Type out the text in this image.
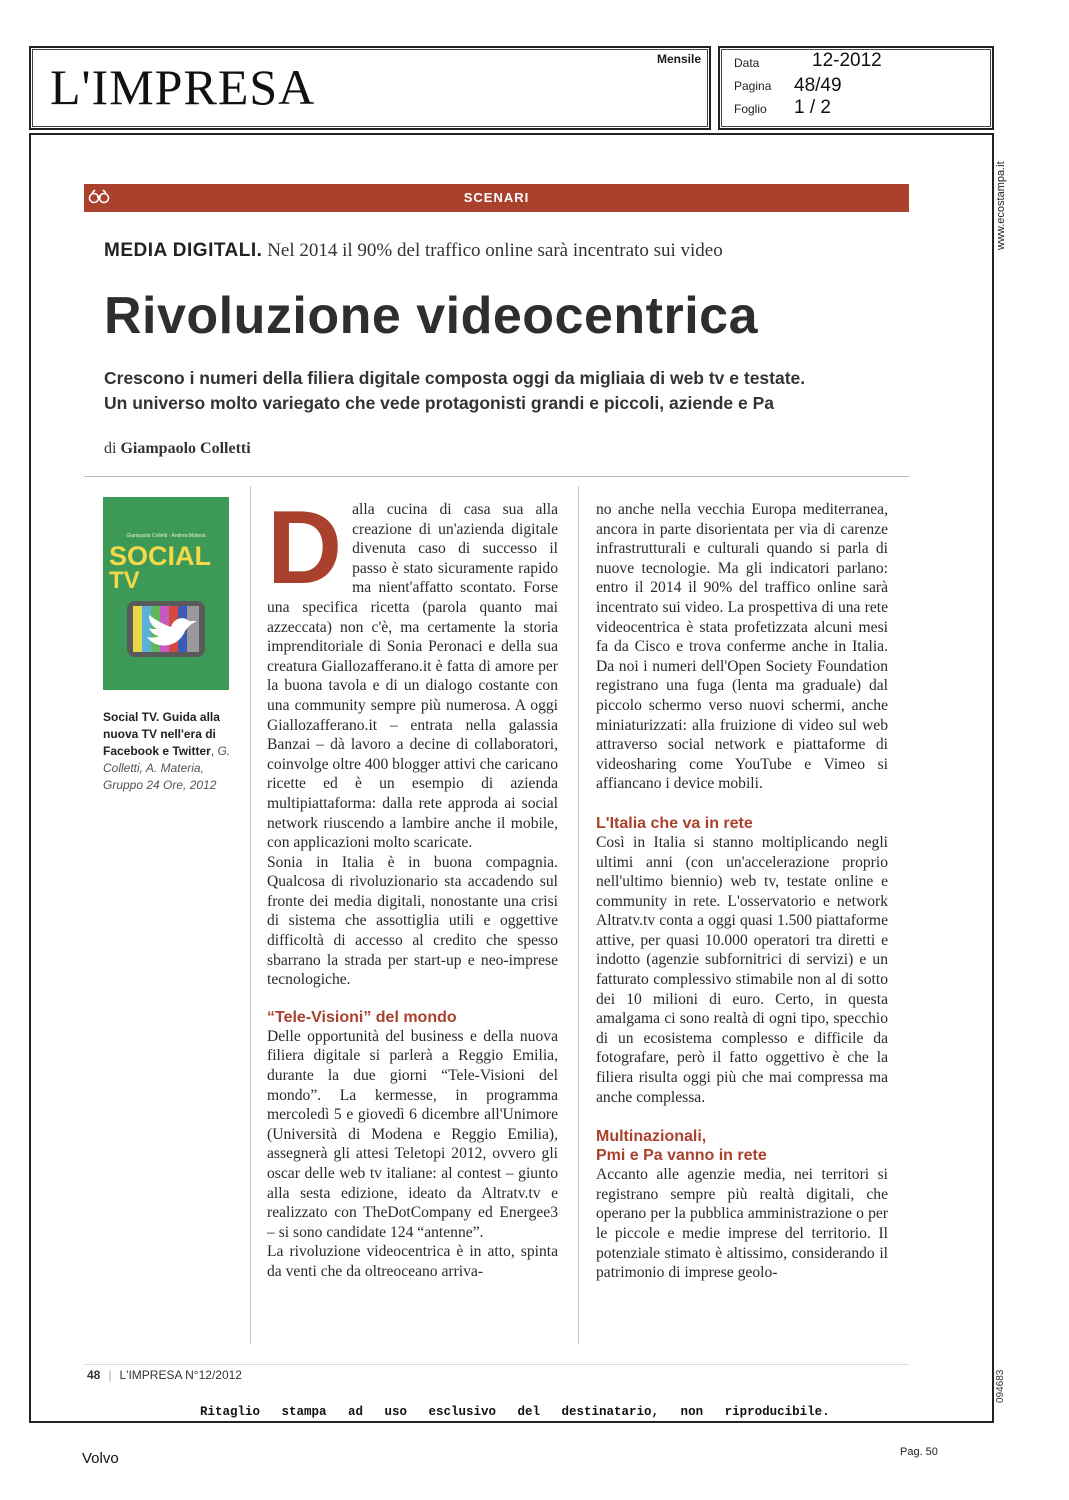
Mensile
L'IMPRESA	Data	12-2012
Pagina 48/49
Foglio 1 / 2
www.ecostampa.it
094683
SCENARI
MEDIA DIGITALI. Nel 2014 il 90% del traffico online sarà incentrato sui video
Rivoluzione videocentrica
Crescono i numeri della filiera digitale composta oggi da migliaia di web tv e testate.
Un universo molto variegato che vede protagonisti grandi e piccoli, aziende e Pa
di Giampaolo Colletti
Giampaolo Colletti · Andrea Materia
SOCIAL
TV
Social TV. Guida alla nuova TV nell'era di Facebook e Twitter, G. Colletti, A. Materia, Gruppo 24 Ore, 2012
D alla cucina di casa sua alla creazione di un'azienda digitale divenuta caso di successo il passo è stato sicuramente rapido ma nient'affatto scontato. Forse una specifica ricetta (parola quanto mai azzeccata) non c'è, ma certamente la storia imprenditoriale di Sonia Peronaci e della sua creatura Giallozafferano.it è fatta di amore per la buona tavola e di un dialogo costante con una community sempre più numerosa. A oggi Giallozafferano.it – entrata nella galassia Banzai – dà lavoro a decine di collaboratori, coinvolge oltre 400 blogger attivi che caricano ricette ed è un esempio di azienda multipiattaforma: dalla rete approda ai social network riuscendo a lambire anche il mobile, con applicazioni molto scaricate.

Sonia in Italia è in buona compagnia. Qualcosa di rivoluzionario sta accadendo sul fronte dei media digitali, nonostante una crisi di sistema che assottiglia utili e oggettive difficoltà di accesso al credito che spesso sbarrano la strada per start-up e neo-imprese tecnologiche.

“Tele-Visioni” del mondo

Delle opportunità del business e della nuova filiera digitale si parlerà a Reggio Emilia, durante la due giorni “Tele-Visioni del mondo”. La kermesse, in programma mercoledì 5 e giovedì 6 dicembre all'Unimore (Università di Modena e Reggio Emilia), assegnerà gli attesi Teletopi 2012, ovvero gli oscar delle web tv italiane: al contest – giunto alla sesta edizione, ideato da Altratv.tv e realizzato con TheDotCompany ed Energee3 – si sono candidate 124 “antenne”.

La rivoluzione videocentrica è in atto, spinta da venti che da oltreoceano arriva-

no anche nella vecchia Europa mediterranea, ancora in parte disorientata per via di carenze infrastrutturali e culturali quando si parla di nuove tecnologie. Ma gli indicatori parlano: entro il 2014 il 90% del traffico online sarà incentrato sui video. La prospettiva di una rete videocentrica è stata profetizzata alcuni mesi fa da Cisco e trova conferme anche in Italia. Da noi i numeri dell'Open Society Foundation registrano una fuga (lenta ma graduale) dal piccolo schermo verso nuovi schermi, anche miniaturizzati: alla fruizione di video sul web attraverso social network e piattaforme di videosharing come YouTube e Vimeo si affiancano i device mobili.

L'Italia che va in rete

Così in Italia si stanno moltiplicando negli ultimi anni (con un'accelerazione proprio nell'ultimo biennio) web tv, testate online e community in rete. L'osservatorio e network Altratv.tv conta a oggi quasi 1.500 piattaforme attive, per quasi 10.000 operatori tra diretti e indotto (agenzie subfornitrici di servizi) e un fatturato complessivo stimabile non al di sotto dei 10 milioni di euro. Certo, in questa amalgama ci sono realtà di ogni tipo, specchio di un ecosistema complesso e difficile da fotografare, però il fatto oggettivo è che la filiera risulta oggi più che mai compressa ma anche complessa.

Multinazionali,
Pmi e Pa vanno in rete

Accanto alle agenzie media, nei territori si registrano sempre più realtà digitali, che operano per la pubblica amministrazione o per le piccole e medie imprese del territorio. Il potenziale stimato è altissimo, considerando il patrimonio di imprese geolo-

48 | L'IMPRESA N°12/2012
Ritaglio stampa ad uso esclusivo del destinatario, non riproducibile.
Volvo	Pag. 50
